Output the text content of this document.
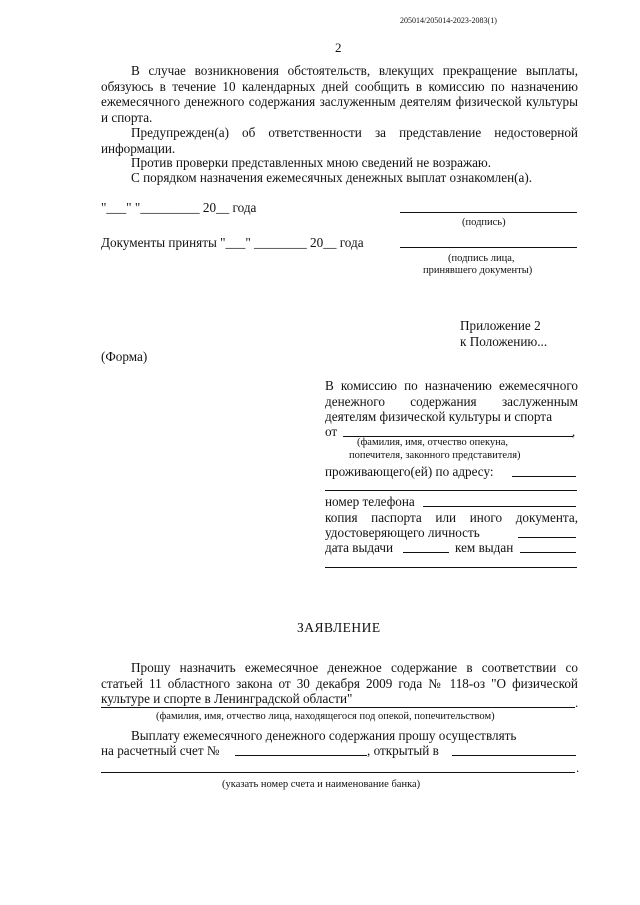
205014/205014-2023-2083(1)
2
В случае возникновения обстоятельств, влекущих прекращение выплаты, обязуюсь в течение 10 календарных дней сообщить в комиссию по назначению ежемесячного денежного содержания заслуженным деятелям физической культуры и спорта.
Предупрежден(а) об ответственности за представление недостоверной информации.
Против проверки представленных мною сведений не возражаю.
С порядком назначения ежемесячных денежных выплат ознакомлен(а).
"___" "_________ 20__ года
(подпись)
Документы приняты "___" ________ 20__ года
(подпись лица,
принявшего документы)
Приложение 2
к Положению...
(Форма)
В комиссию по назначению ежемесячного денежного содержания заслуженным деятелям физической культуры и спорта
от	,
(фамилия, имя, отчество опекуна,
попечителя, законного представителя)
проживающего(ей) по адресу:
номер телефона
копия паспорта или иного документа,
удостоверяющего личность
дата выдачи	кем выдан
ЗАЯВЛЕНИЕ
Прошу назначить ежемесячное денежное содержание в соответствии со статьей 11 областного закона от 30 декабря 2009 года № 118-оз "О физической культуре и спорте в Ленинградской области"	.
(фамилия, имя, отчество лица, находящегося под опекой, попечительством)
Выплату ежемесячного денежного содержания прошу осуществлять
на расчетный счет №	, открытый в
.
(указать номер счета и наименование банка)
